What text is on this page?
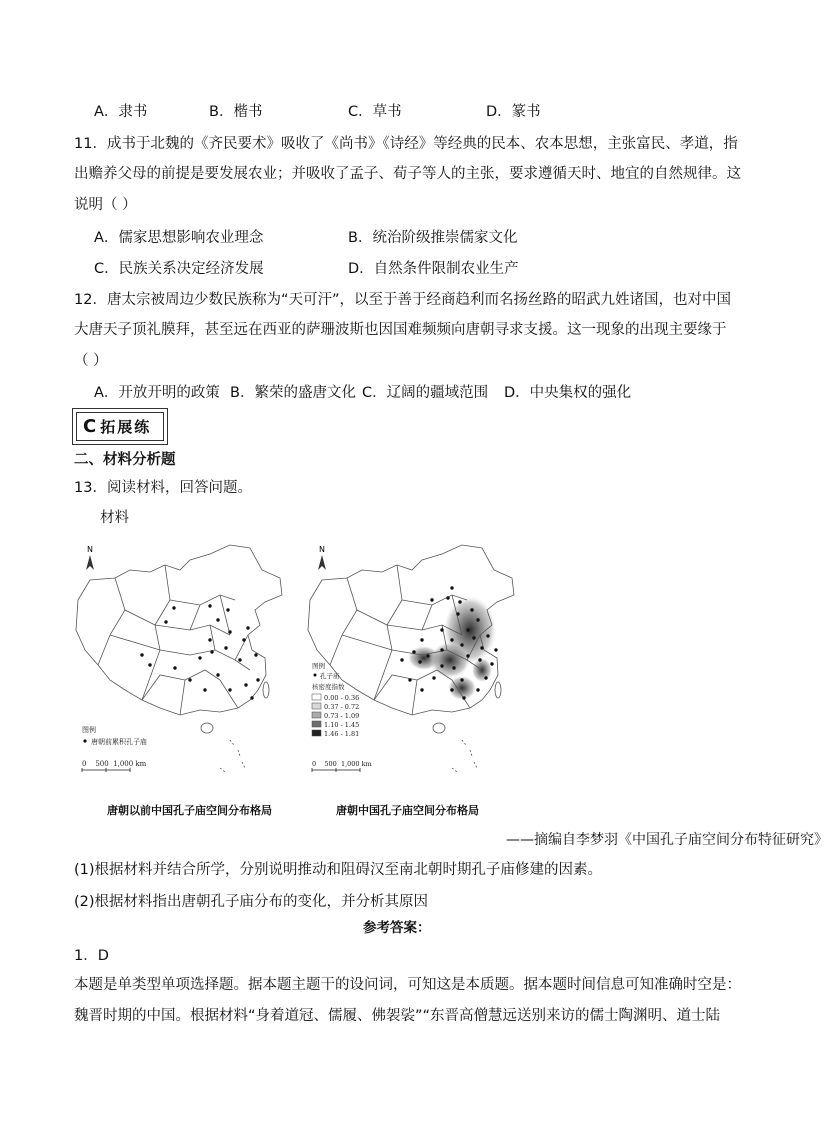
A．隶书	B．楷书	C．草书	D．篆书
11．成书于北魏的《齐民要术》吸收了《尚书》《诗经》等经典的民本、农本思想，主张富民、孝道，指
出赡养父母的前提是要发展农业；并吸收了孟子、荀子等人的主张，要求遵循天时、地宜的自然规律。这
说明（ ）
A．儒家思想影响农业理念	B．统治阶级推崇儒家文化
C．民族关系决定经济发展	D．自然条件限制农业生产
12．唐太宗被周边少数民族称为“天可汗”，以至于善于经商趋利而名扬丝路的昭武九姓诸国，也对中国
大唐天子顶礼膜拜，甚至远在西亚的萨珊波斯也因国难频频向唐朝寻求支援。这一现象的出现主要缘于
（ ）
A．开放开明的政策 B．繁荣的盛唐文化 C．辽阔的疆域范围 D．中央集权的强化
C拓展练
二、材料分析题
13．阅读材料，回答问题。
材料
N
图例
唐朝前累积孔子庙
0    500  1,000 km
唐朝以前中国孔子庙空间分布格局
N
图例
孔子庙
核密度指数
0.00 - 0.36
0.37 - 0.72
0.73 - 1.09
1.10 - 1.45
1.46 - 1.81
0    500  1,000 km
唐朝中国孔子庙空间分布格局
——摘编自李梦羽《中国孔子庙空间分布特征研究》
(1)根据材料并结合所学，分别说明推动和阻碍汉至南北朝时期孔子庙修建的因素。
(2)根据材料指出唐朝孔子庙分布的变化，并分析其原因
参考答案：
1．D
本题是单类型单项选择题。据本题主题干的设问词，可知这是本质题。据本题时间信息可知准确时空是：
魏晋时期的中国。根据材料“身着道冠、儒履、佛袈裟”“东晋高僧慧远送别来访的儒士陶渊明、道士陆
